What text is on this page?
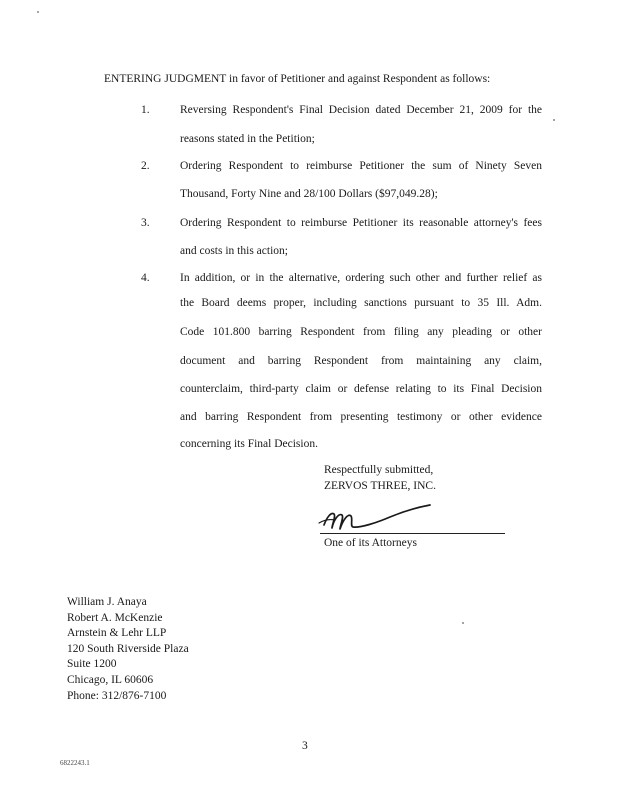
ENTERING JUDGMENT in favor of Petitioner and against Respondent as follows:
1.	Reversing Respondent's Final Decision dated December 21, 2009 for the
reasons stated in the Petition;
2.	Ordering Respondent to reimburse Petitioner the sum of Ninety Seven
Thousand, Forty Nine and 28/100 Dollars ($97,049.28);
3.	Ordering Respondent to reimburse Petitioner its reasonable attorney's fees
and costs in this action;
4.	In addition, or in the alternative, ordering such other and further relief as
the Board deems proper, including sanctions pursuant to 35 Ill. Adm.
Code 101.800 barring Respondent from filing any pleading or other
document and barring Respondent from maintaining any claim,
counterclaim, third-party claim or defense relating to its Final Decision
and barring Respondent from presenting testimony or other evidence
concerning its Final Decision.
Respectfully submitted,
ZERVOS THREE, INC.
One of its Attorneys
William J. Anaya
Robert A. McKenzie
Arnstein & Lehr LLP
120 South Riverside Plaza
Suite 1200
Chicago, IL 60606
Phone: 312/876-7100
3
6822243.1
